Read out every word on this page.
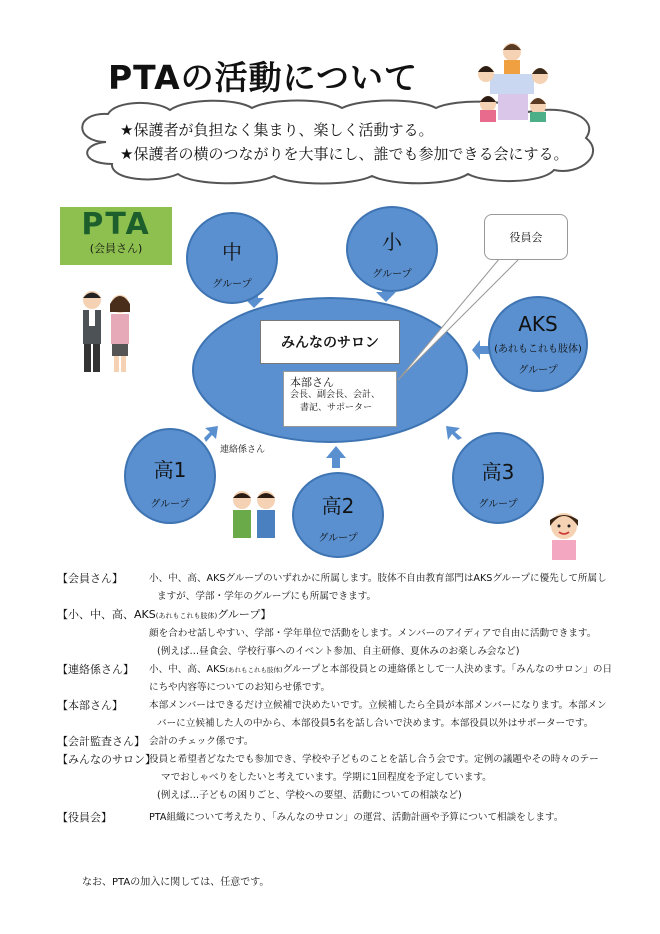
PTAの活動について
★保護者が負担なく集まり、楽しく活動する。
★保護者の横のつながりを大事にし、誰でも参加できる会にする。
PTA
(会員さん)	中
グループ
小
グループ
AKS
(あれもこれも肢体)
グループ
高1
グループ	高2
グループ
高3
グループ
みんなのサロン
本部さん
会長、副会長、会計、
書記、サポーター
役員会
連絡係さん
【会員さん】	小、中、高、AKSグループのいずれかに所属します。肢体不自由教育部門はAKSグループに優先して所属し
ますが、学部・学年のグループにも所属できます。
【小、中、高、AKS(あれもこれも肢体)グループ】
顔を合わせ話しやすい、学部・学年単位で活動をします。メンバーのアイディアで自由に活動できます。
(例えば…昼食会、学校行事へのイベント参加、自主研修、夏休みのお楽しみ会など)
【連絡係さん】	小、中、高、AKS(あれもこれも肢体)グループと本部役員との連絡係として一人決めます。「みんなのサロン」の日
にちや内容等についてのお知らせ係です。
【本部さん】	本部メンバーはできるだけ立候補で決めたいです。立候補したら全員が本部メンバーになります。本部メン
バーに立候補した人の中から、本部役員5名を話し合いで決めます。本部役員以外はサポーターです。
【会計監査さん】 会計のチェック係です。
【みんなのサロン】
役員と希望者どなたでも参加でき、学校や子どものことを話し合う会です。定例の議題やその時々のテー
マでおしゃべりをしたいと考えています。学期に1回程度を予定しています。
(例えば…子どもの困りごと、学校への要望、活動についての相談など)
【役員会】	PTA組織について考えたり、「みんなのサロン」の運営、活動計画や予算について相談をします。
なお、PTAの加入に関しては、任意です。
